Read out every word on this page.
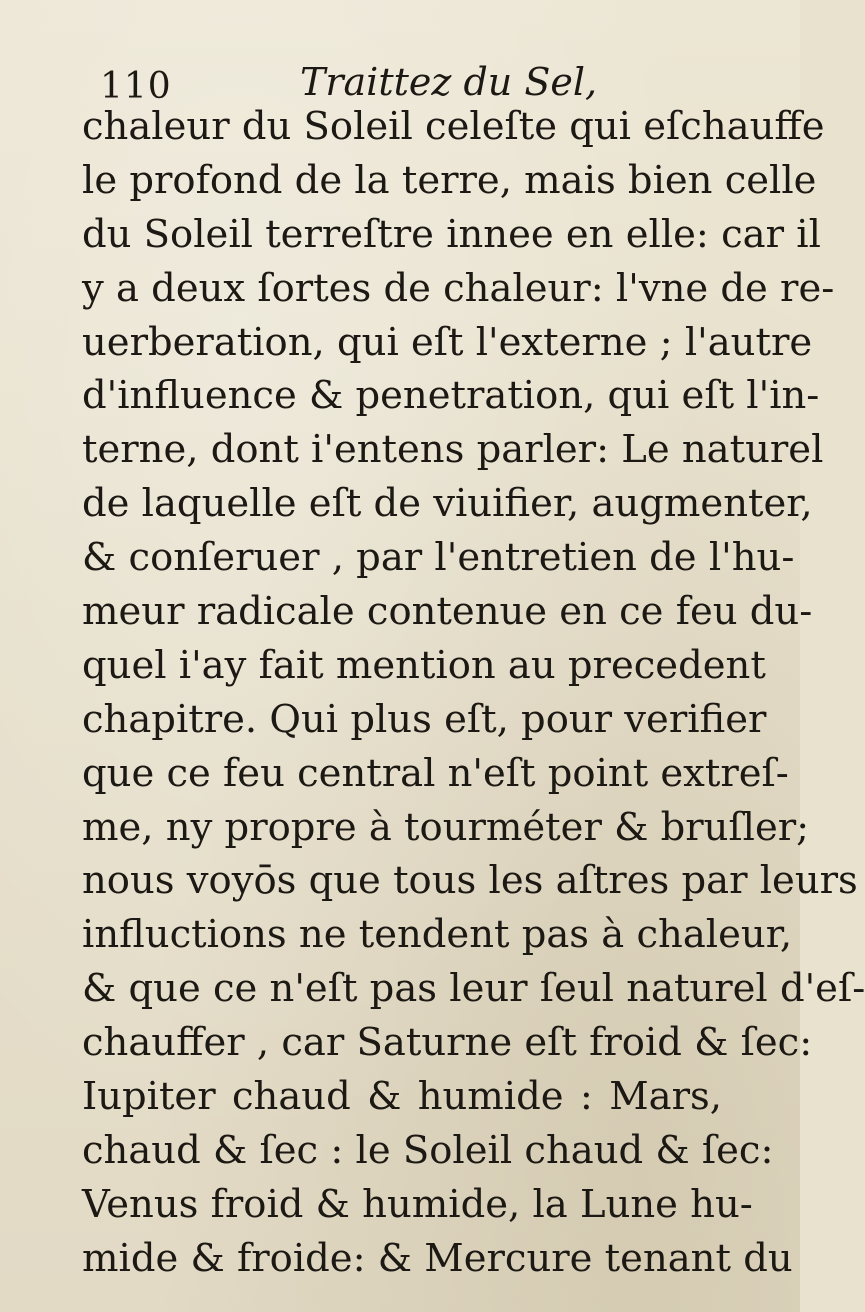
110	Traittez du Sel,
chaleur du Soleil celeſte qui eſchauffe
le profond de la terre, mais bien celle
du Soleil terreſtre innee en elle: car il
y a deux ſortes de chaleur: l'vne de re-
uerberation, qui eſt l'externe ; l'autre
d'influence & penetration, qui eſt l'in-
terne, dont i'entens parler: Le naturel
de laquelle eſt de viuifier, augmenter,
& conſeruer , par l'entretien de l'hu-
meur radicale contenue en ce feu du-
quel i'ay fait mention au precedent
chapitre. Qui plus eſt, pour verifier
que ce feu central n'eſt point extreſ-
me, ny propre à tourméter & bruſler;
nous voyōs que tous les aſtres par leurs
influctions ne tendent pas à chaleur,
& que ce n'eſt pas leur ſeul naturel d'eſ-
chauffer , car Saturne eſt froid & ſec:
Iupiter chaud & humide : Mars,
chaud & ſec : le Soleil chaud & ſec:
Venus froid & humide, la Lune hu-
mide & froide: & Mercure tenant du
